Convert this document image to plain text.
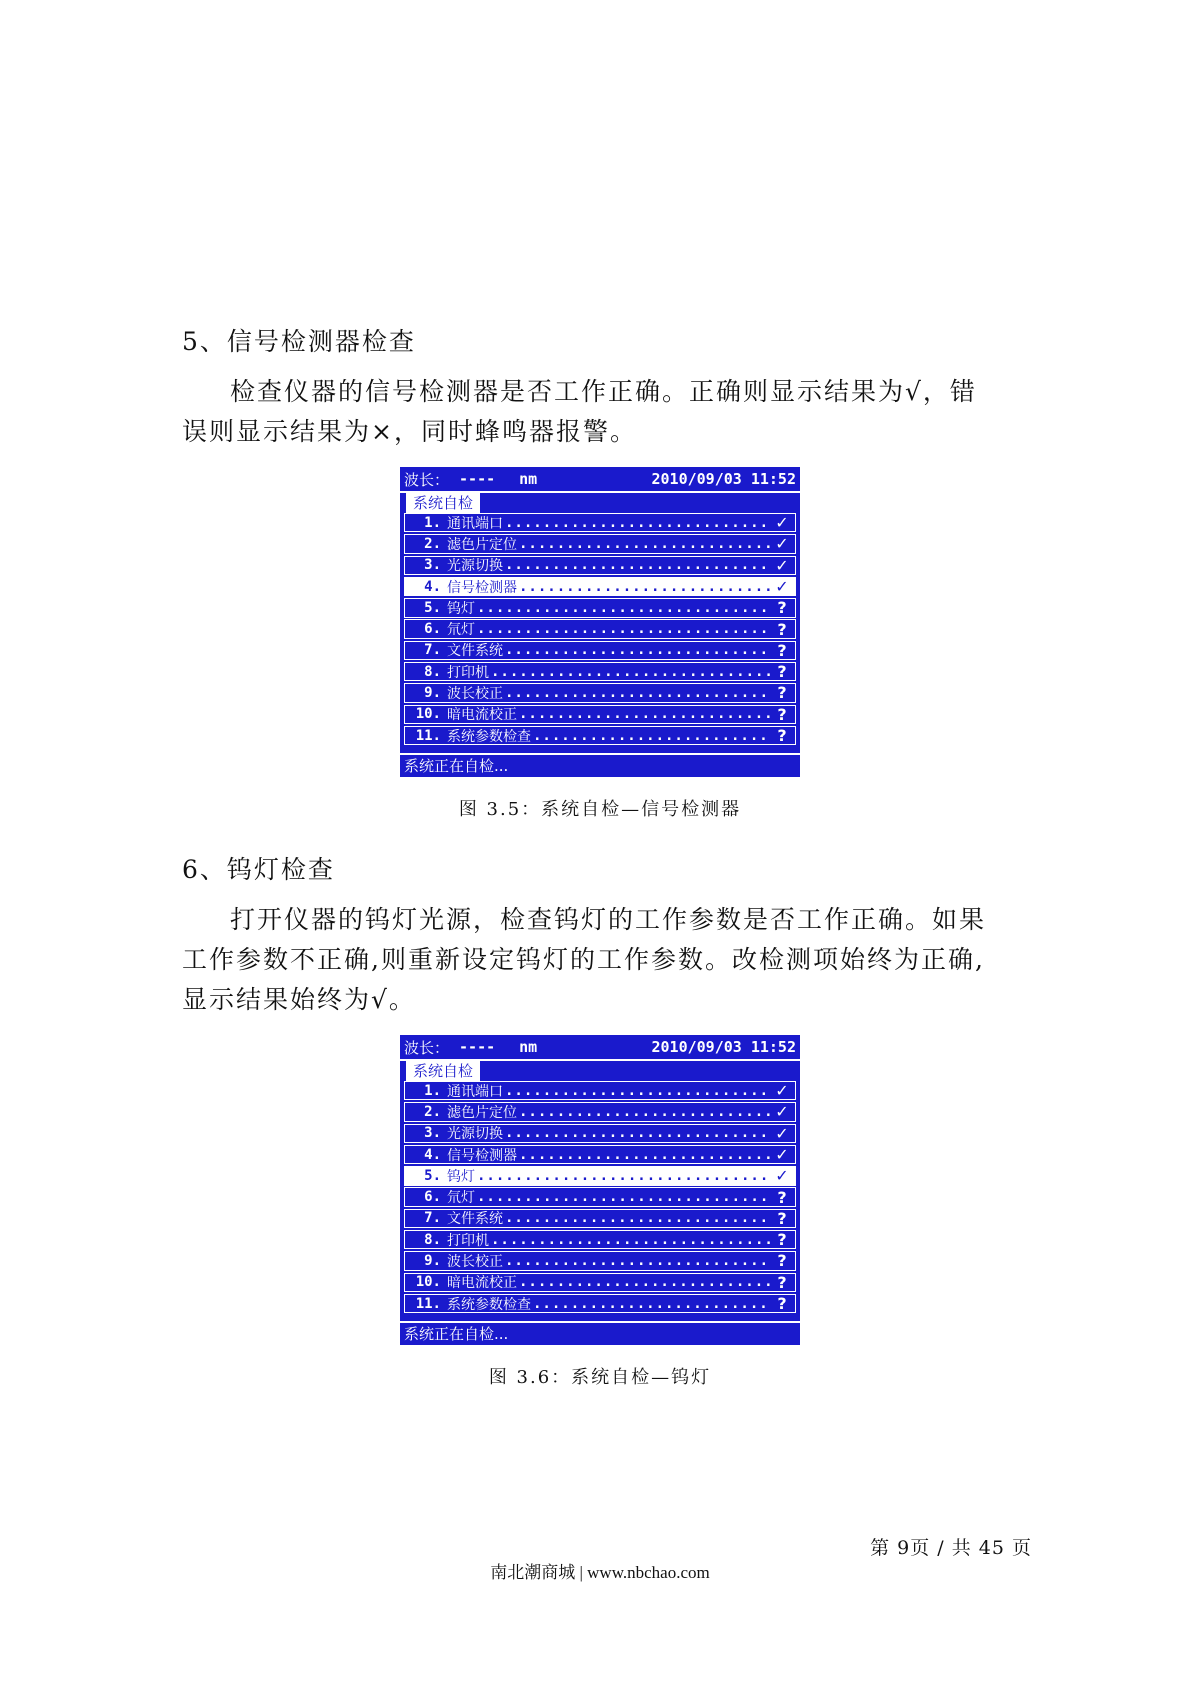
5、信号检测器检查

检查仪器的信号检测器是否工作正确。正确则显示结果为√，错
误则显示结果为×，同时蜂鸣器报警。

波长： ---- nm	2010/09/03 11:52
系统自检
1. 通讯端口 .....	✓
2. 滤色片定位 .....	✓
3. 光源切换 .....	✓
4. 信号检测器 .....	✓
5. 钨灯 .....	?
6. 氘灯 .....	?
7. 文件系统 .....	?
8. 打印机 .....	?
9. 波长校正 .....	?
10. 暗电流校正 .....	?
11. 系统参数检查 .....	?
系统正在自检...
图 3.5：系统自检—信号检测器
6、钨灯检查

打开仪器的钨灯光源，检查钨灯的工作参数是否工作正确。如果
工作参数不正确,则重新设定钨灯的工作参数。改检测项始终为正确,
显示结果始终为√。

波长： ---- nm	2010/09/03 11:52
系统自检
1. 通讯端口 .....	✓
2. 滤色片定位 .....	✓
3. 光源切换 .....	✓
4. 信号检测器 .....	✓
5. 钨灯 .....	✓
6. 氘灯 .....	?
7. 文件系统 .....	?
8. 打印机 .....	?
9. 波长校正 .....	?
10. 暗电流校正 .....	?
11. 系统参数检查 .....	?
系统正在自检...
图 3.6：系统自检—钨灯
第 9页 / 共 45 页
南北潮商城 | www.nbchao.com
